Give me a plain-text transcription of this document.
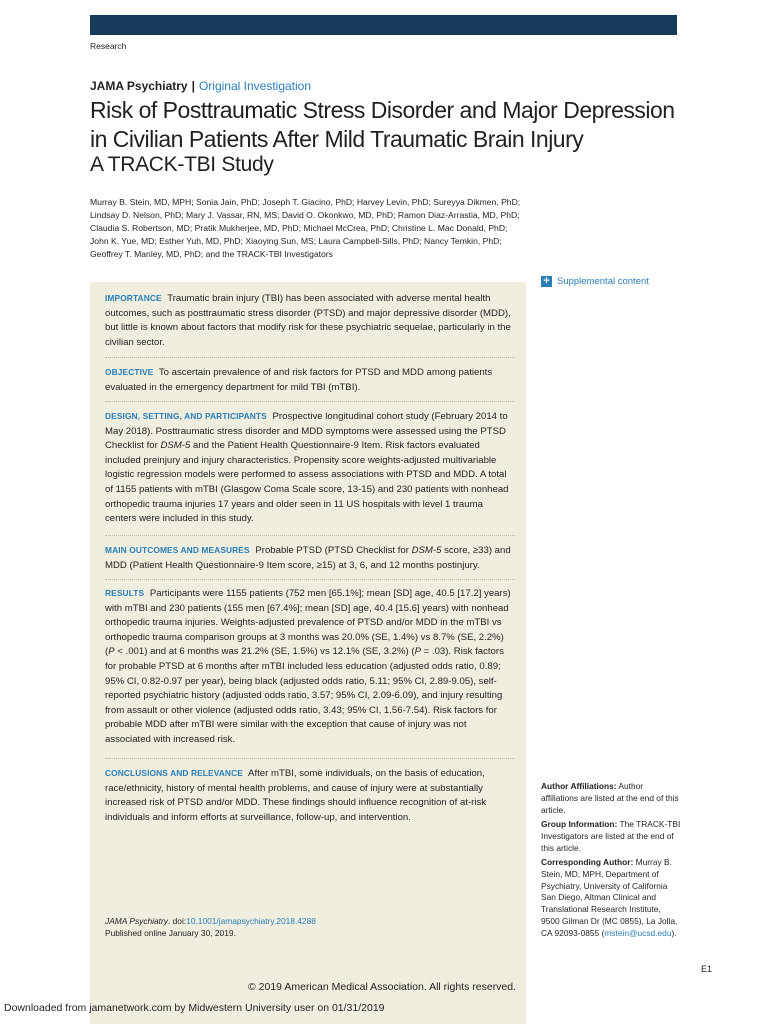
Research
JAMA Psychiatry | Original Investigation
Risk of Posttraumatic Stress Disorder and Major Depression in Civilian Patients After Mild Traumatic Brain Injury
A TRACK-TBI Study
Murray B. Stein, MD, MPH; Sonia Jain, PhD; Joseph T. Giacino, PhD; Harvey Levin, PhD; Sureyya Dikmen, PhD;
Lindsay D. Nelson, PhD; Mary J. Vassar, RN, MS; David O. Okonkwo, MD, PhD; Ramon Diaz-Arrastia, MD, PhD;
Claudia S. Robertson, MD; Pratik Mukherjee, MD, PhD; Michael McCrea, PhD; Christine L. Mac Donald, PhD;
John K. Yue, MD; Esther Yuh, MD, PhD; Xiaoying Sun, MS; Laura Campbell-Sills, PhD; Nancy Temkin, PhD;
Geoffrey T. Manley, MD, PhD; and the TRACK-TBI Investigators
+ Supplemental content
IMPORTANCE Traumatic brain injury (TBI) has been associated with adverse mental health outcomes, such as posttraumatic stress disorder (PTSD) and major depressive disorder (MDD), but little is known about factors that modify risk for these psychiatric sequelae, particularly in the civilian sector.
OBJECTIVE To ascertain prevalence of and risk factors for PTSD and MDD among patients evaluated in the emergency department for mild TBI (mTBI).
DESIGN, SETTING, AND PARTICIPANTS Prospective longitudinal cohort study (February 2014 to May 2018). Posttraumatic stress disorder and MDD symptoms were assessed using the PTSD Checklist for DSM-5 and the Patient Health Questionnaire-9 Item. Risk factors evaluated included preinjury and injury characteristics. Propensity score weights-adjusted multivariable logistic regression models were performed to assess associations with PTSD and MDD. A total of 1155 patients with mTBI (Glasgow Coma Scale score, 13-15) and 230 patients with nonhead orthopedic trauma injuries 17 years and older seen in 11 US hospitals with level 1 trauma centers were included in this study.
MAIN OUTCOMES AND MEASURES Probable PTSD (PTSD Checklist for DSM-5 score, ≥33) and MDD (Patient Health Questionnaire-9 Item score, ≥15) at 3, 6, and 12 months postinjury.
RESULTS Participants were 1155 patients (752 men [65.1%]; mean [SD] age, 40.5 [17.2] years) with mTBI and 230 patients (155 men [67.4%]; mean [SD] age, 40.4 [15.6] years) with nonhead orthopedic trauma injuries. Weights-adjusted prevalence of PTSD and/or MDD in the mTBI vs orthopedic trauma comparison groups at 3 months was 20.0% (SE, 1.4%) vs 8.7% (SE, 2.2%) (P < .001) and at 6 months was 21.2% (SE, 1.5%) vs 12.1% (SE, 3.2%) (P = .03). Risk factors for probable PTSD at 6 months after mTBI included less education (adjusted odds ratio, 0.89; 95% CI, 0.82-0.97 per year), being black (adjusted odds ratio, 5.11; 95% CI, 2.89-9.05), self-reported psychiatric history (adjusted odds ratio, 3.57; 95% CI, 2.09-6.09), and injury resulting from assault or other violence (adjusted odds ratio, 3.43; 95% CI, 1.56-7.54). Risk factors for probable MDD after mTBI were similar with the exception that cause of injury was not associated with increased risk.
CONCLUSIONS AND RELEVANCE After mTBI, some individuals, on the basis of education, race/ethnicity, history of mental health problems, and cause of injury were at substantially increased risk of PTSD and/or MDD. These findings should influence recognition of at-risk individuals and inform efforts at surveillance, follow-up, and intervention.
JAMA Psychiatry. doi:10.1001/jamapsychiatry.2018.4288
Published online January 30, 2019.
Author Affiliations: Author affiliations are listed at the end of this article.
Group Information: The TRACK-TBI Investigators are listed at the end of this article.
Corresponding Author: Murray B. Stein, MD, MPH, Department of Psychiatry, University of California San Diego, Altman Clinical and Translational Research Institute, 9500 Gilman Dr (MC 0855), La Jolla, CA 92093-0855 (mstein@ucsd.edu).
E1
© 2019 American Medical Association. All rights reserved.
Downloaded from jamanetwork.com by Midwestern University user on 01/31/2019
